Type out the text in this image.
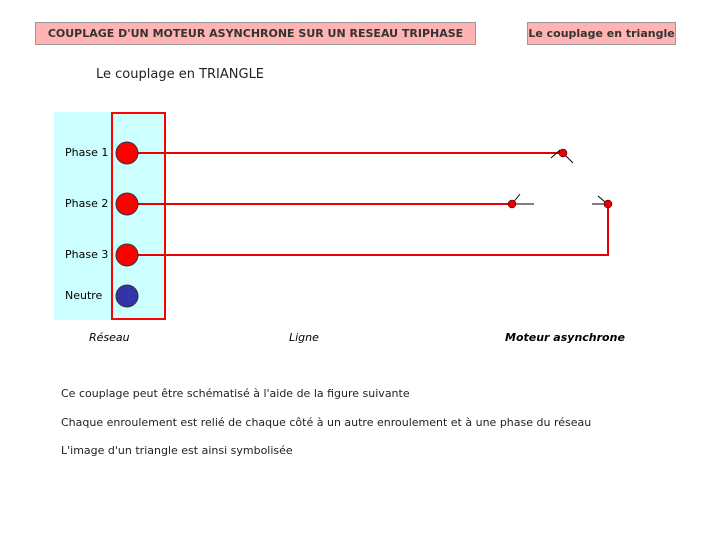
COUPLAGE D'UN MOTEUR ASYNCHRONE SUR UN RESEAU TRIPHASE	Le couplage en triangle
Le couplage en TRIANGLE
Phase 1
Phase 2
Phase 3
Neutre
Réseau	Ligne	Moteur asynchrone
Ce couplage peut être schématisé à l'aide de la figure suivante
Chaque enroulement est relié de chaque côté à un autre enroulement et à une phase du réseau
L'image d'un triangle est ainsi symbolisée
